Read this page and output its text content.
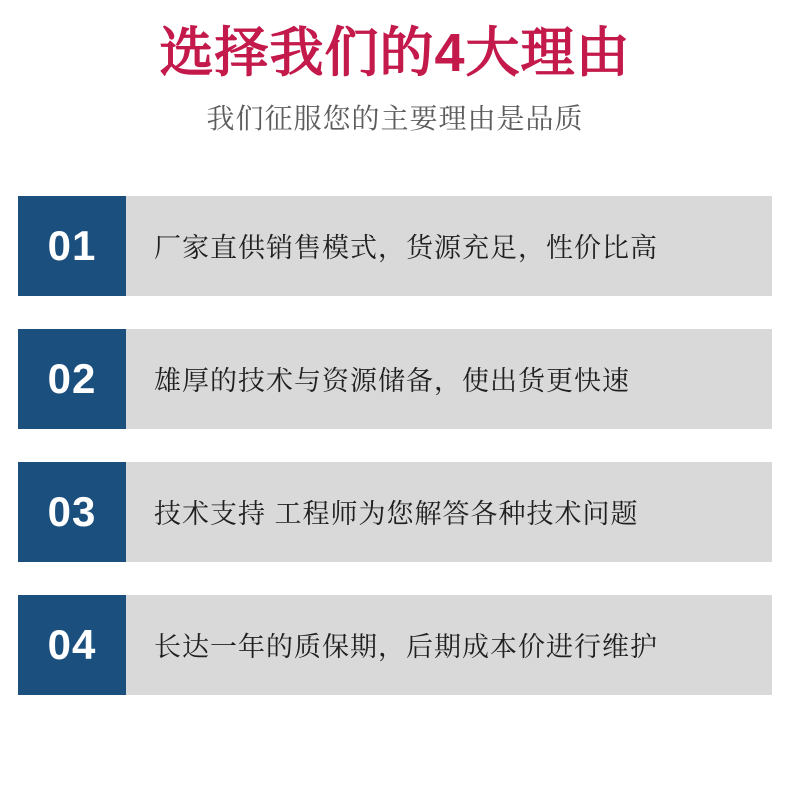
选择我们的4大理由

我们征服您的主要理由是品质

01	厂家直供销售模式，货源充足，性价比高
02	雄厚的技术与资源储备，使出货更快速
03	技术支持 工程师为您解答各种技术问题
04	长达一年的质保期，后期成本价进行维护
